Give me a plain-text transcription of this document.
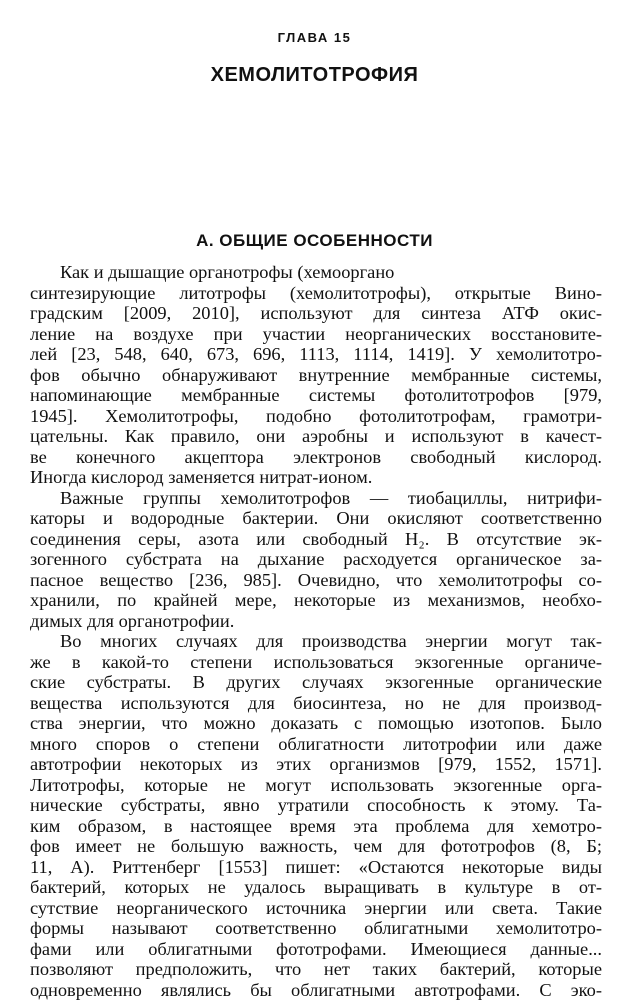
ГЛАВА 15
ХЕМОЛИТОТРОФИЯ
А. ОБЩИЕ ОСОБЕННОСТИ
Как и дышащие органотрофы (хемооргано
синтезирующие литотрофы (хемолитотрофы), открытые Вино-
градским [2009, 2010], используют для синтеза АТФ окис-
ление на воздухе при участии неорганических восстановите-
лей [23, 548, 640, 673, 696, 1113, 1114, 1419]. У хемолитотро-
фов обычно обнаруживают внутренние мембранные системы,
напоминающие мембранные системы фотолитотрофов [979,
1945]. Хемолитотрофы, подобно фотолитотрофам, грамотри-
цательны. Как правило, они аэробны и используют в качест-
ве конечного акцептора электронов свободный кислород.
Иногда кислород заменяется нитрат-ионом.
Важные группы хемолитотрофов — тиобациллы, нитрифи-
каторы и водородные бактерии. Они окисляют соответственно
соединения серы, азота или свободный H₂. В отсутствие эк-
зогенного субстрата на дыхание расходуется органическое за-
пасное вещество [236, 985]. Очевидно, что хемолитотрофы со-
хранили, по крайней мере, некоторые из механизмов, необхо-
димых для органотрофии.
Во многих случаях для производства энергии могут так-
же в какой-то степени использоваться экзогенные органиче-
ские субстраты. В других случаях экзогенные органические
вещества используются для биосинтеза, но не для производ-
ства энергии, что можно доказать с помощью изотопов. Было
много споров о степени облигатности литотрофии или даже
автотрофии некоторых из этих организмов [979, 1552, 1571].
Литотрофы, которые не могут использовать экзогенные орга-
нические субстраты, явно утратили способность к этому. Та-
ким образом, в настоящее время эта проблема для хемотро-
фов имеет не большую важность, чем для фототрофов (8, Б;
11, А). Риттенберг [1553] пишет: «Остаются некоторые виды
бактерий, которых не удалось выращивать в культуре в от-
сутствие неорганического источника энергии или света. Такие
формы называют соответственно облигатными хемолитотро-
фами или облигатными фототрофами. Имеющиеся данные...
позволяют предположить, что нет таких бактерий, которые
одновременно являлись бы облигатными автотрофами. С эко-
